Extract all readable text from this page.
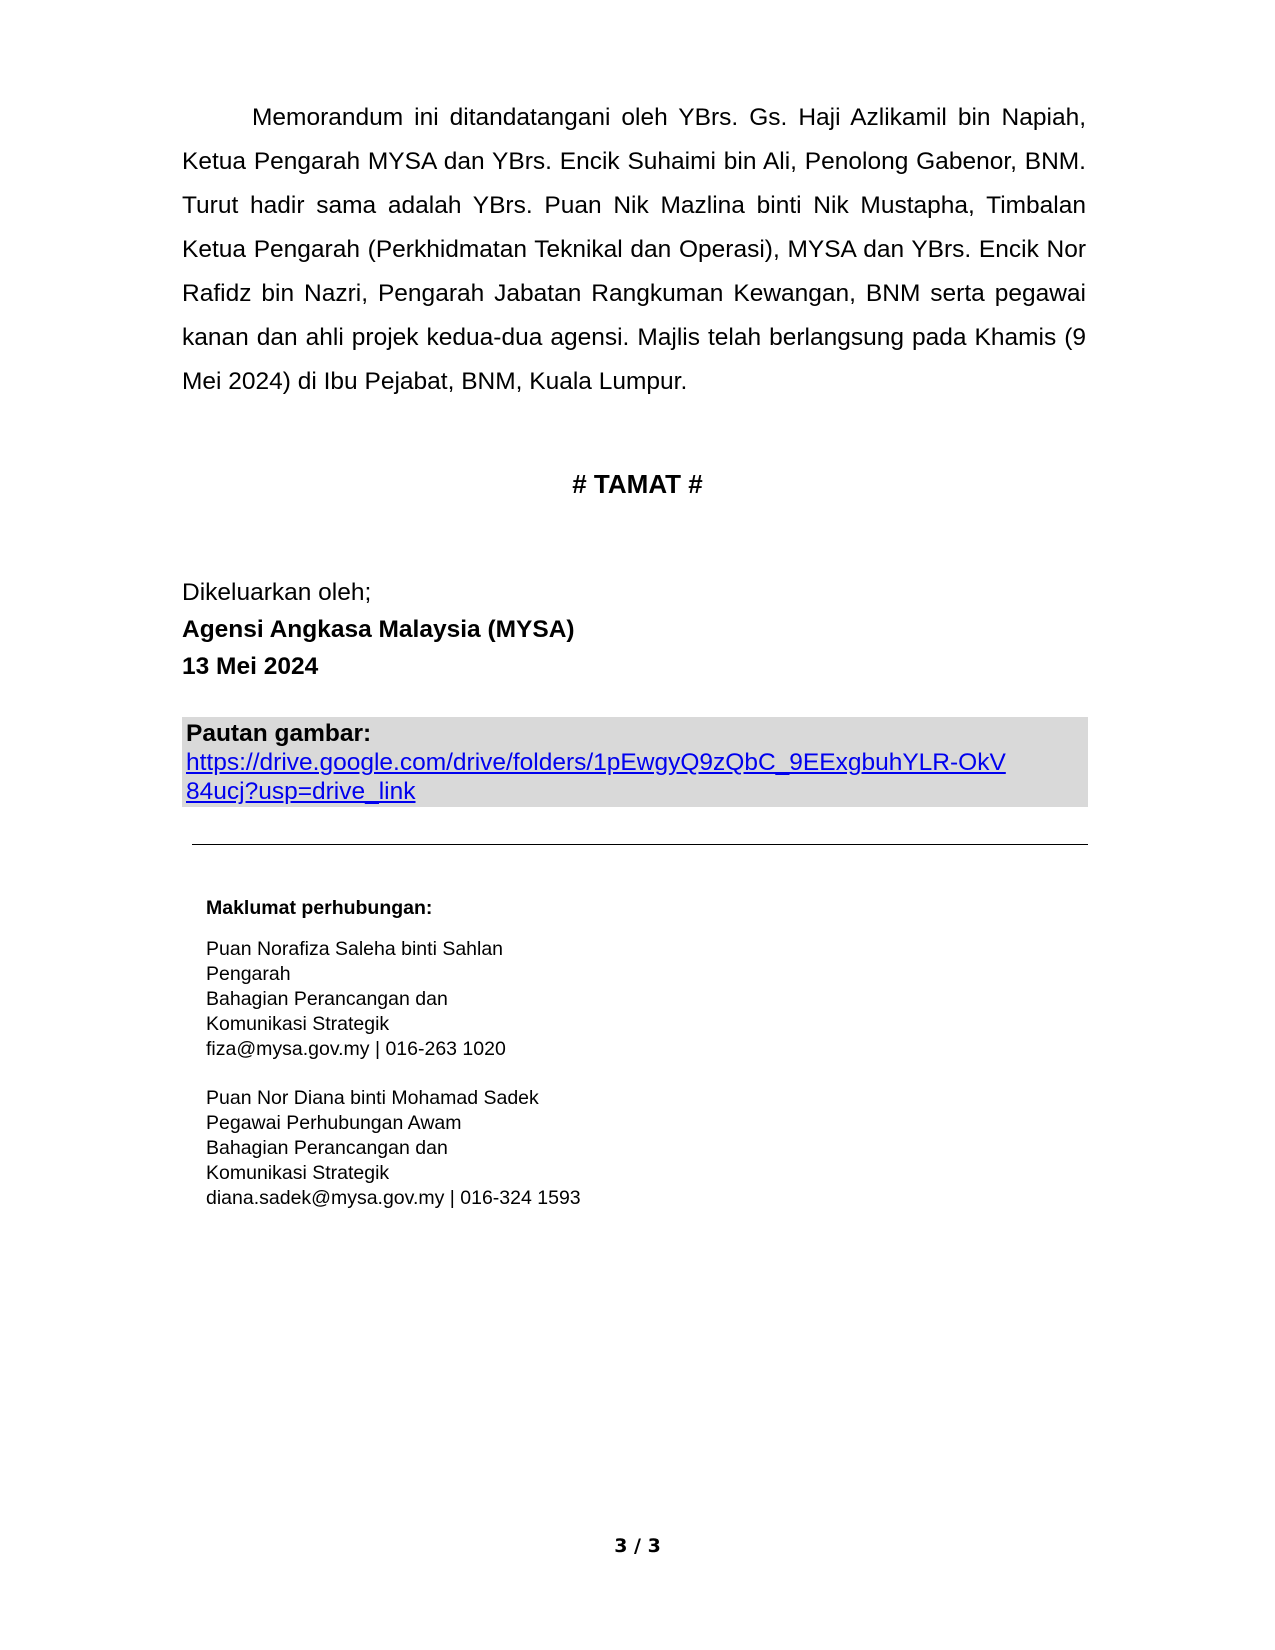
Memorandum ini ditandatangani oleh YBrs. Gs. Haji Azlikamil bin Napiah, Ketua Pengarah MYSA dan YBrs. Encik Suhaimi bin Ali, Penolong Gabenor, BNM. Turut hadir sama adalah YBrs. Puan Nik Mazlina binti Nik Mustapha, Timbalan Ketua Pengarah (Perkhidmatan Teknikal dan Operasi), MYSA dan YBrs. Encik Nor Rafidz bin Nazri, Pengarah Jabatan Rangkuman Kewangan, BNM serta pegawai kanan dan ahli projek kedua-dua agensi. Majlis telah berlangsung pada Khamis (9 Mei 2024) di Ibu Pejabat, BNM, Kuala Lumpur.

# TAMAT #

Dikeluarkan oleh;
Agensi Angkasa Malaysia (MYSA)
13 Mei 2024
Pautan gambar:
https://drive.google.com/drive/folders/1pEwgyQ9zQbC_9EExgbuhYLR-OkV84ucj?usp=drive_link
Maklumat perhubungan:
Puan Norafiza Saleha binti Sahlan
Pengarah
Bahagian Perancangan dan
Komunikasi Strategik
fiza@mysa.gov.my | 016-263 1020
Puan Nor Diana binti Mohamad Sadek
Pegawai Perhubungan Awam
Bahagian Perancangan dan
Komunikasi Strategik
diana.sadek@mysa.gov.my | 016-324 1593
3 / 3
